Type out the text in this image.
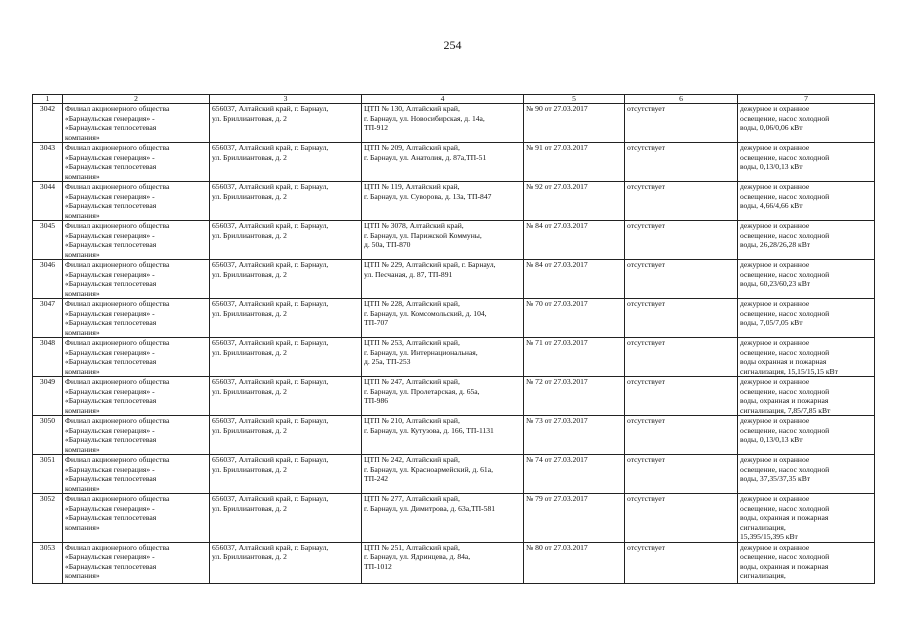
254
1	2	3	4	5	6	7
3042	Филиал акционерного общества
«Барнаульская генерация» -
«Барнаульская теплосетевая
компания»	656037, Алтайский край, г. Барнаул,
ул. Бриллиантовая, д. 2	ЦТП № 130, Алтайский край,
г. Барнаул, ул. Новосибирская, д. 14а,
ТП-912	№ 90 от 27.03.2017	отсутствует	дежурное и охранное
освещение, насос холодной
воды, 0,06/0,06 кВт

3043	Филиал акционерного общества
«Барнаульская генерация» -
«Барнаульская теплосетевая
компания»	656037, Алтайский край, г. Барнаул,
ул. Бриллиантовая, д. 2	ЦТП № 209, Алтайский край,
г. Барнаул, ул. Анатолия, д. 87а,ТП-51	№ 91 от 27.03.2017	отсутствует	дежурное и охранное
освещение, насос холодной
воды, 0,13/0,13 кВт

3044	Филиал акционерного общества
«Барнаульская генерация» -
«Барнаульская теплосетевая
компания»	656037, Алтайский край, г. Барнаул,
ул. Бриллиантовая, д. 2	ЦТП № 119, Алтайский край,
г. Барнаул, ул. Суворова, д. 13а, ТП-847	№ 92 от 27.03.2017	отсутствует	дежурное и охранное
освещение, насос холодной
воды, 4,66/4,66 кВт

3045	Филиал акционерного общества
«Барнаульская генерация» -
«Барнаульская теплосетевая
компания»	656037, Алтайский край, г. Барнаул,
ул. Бриллиантовая, д. 2	ЦТП № 3078, Алтайский край,
г. Барнаул, ул. Парижской Коммуны,
д. 50а, ТП-870	№ 84 от 27.03.2017	отсутствует	дежурное и охранное
освещение, насос холодной
воды, 26,28/26,28 кВт

3046	Филиал акционерного общества
«Барнаульская генерация» -
«Барнаульская теплосетевая
компания»	656037, Алтайский край, г. Барнаул,
ул. Бриллиантовая, д. 2	ЦТП № 229, Алтайский край, г. Барнаул,
ул. Песчаная, д. 87, ТП-891	№ 84 от 27.03.2017	отсутствует	дежурное и охранное
освещение, насос холодной
воды, 60,23/60,23 кВт

3047	Филиал акционерного общества
«Барнаульская генерация» -
«Барнаульская теплосетевая
компания»	656037, Алтайский край, г. Барнаул,
ул. Бриллиантовая, д. 2	ЦТП № 228, Алтайский край,
г. Барнаул, ул. Комсомольский, д. 104,
ТП-707	№ 70 от 27.03.2017	отсутствует	дежурное и охранное
освещение, насос холодной
воды, 7,05/7,05 кВт

3048	Филиал акционерного общества
«Барнаульская генерация» -
«Барнаульская теплосетевая
компания»	656037, Алтайский край, г. Барнаул,
ул. Бриллиантовая, д. 2	ЦТП № 253, Алтайский край,
г. Барнаул, ул. Интернациональная,
д. 25а, ТП-253	№ 71 от 27.03.2017	отсутствует	дежурное и охранное
освещение, насос холодной
воды охранная и пожарная
сигнализация, 15,15/15,15 кВт

3049	Филиал акционерного общества
«Барнаульская генерация» -
«Барнаульская теплосетевая
компания»	656037, Алтайский край, г. Барнаул,
ул. Бриллиантовая, д. 2	ЦТП № 247, Алтайский край,
г. Барнаул, ул. Пролетарская, д. 65а,
ТП-986	№ 72 от 27.03.2017	отсутствует	дежурное и охранное
освещение, насос холодной
воды, охранная и пожарная
сигнализация, 7,85/7,85 кВт

3050	Филиал акционерного общества
«Барнаульская генерация» -
«Барнаульская теплосетевая
компания»	656037, Алтайский край, г. Барнаул,
ул. Бриллиантовая, д. 2	ЦТП № 210, Алтайский край,
г. Барнаул, ул. Кутузова, д. 166, ТП-1131	№ 73 от 27.03.2017	отсутствует	дежурное и охранное
освещение, насос холодной
воды, 0,13/0,13 кВт

3051	Филиал акционерного общества
«Барнаульская генерация» -
«Барнаульская теплосетевая
компания»	656037, Алтайский край, г. Барнаул,
ул. Бриллиантовая, д. 2	ЦТП № 242, Алтайский край,
г. Барнаул, ул. Красноармейский, д. 61а,
ТП-242	№ 74 от 27.03.2017	отсутствует	дежурное и охранное
освещение, насос холодной
воды, 37,35/37,35 кВт

3052	Филиал акционерного общества
«Барнаульская генерация» -
«Барнаульская теплосетевая
компания»	656037, Алтайский край, г. Барнаул,
ул. Бриллиантовая, д. 2	ЦТП № 277, Алтайский край,
г. Барнаул, ул. Димитрова, д. 63а,ТП-581	№ 79 от 27.03.2017	отсутствует	дежурное и охранное
освещение, насос холодной
воды, охранная и пожарная
сигнализация,
15,395/15,395 кВт

3053	Филиал акционерного общества
«Барнаульская генерация» -
«Барнаульская теплосетевая
компания»	656037, Алтайский край, г. Барнаул,
ул. Бриллиантовая, д. 2	ЦТП № 251, Алтайский край,
г. Барнаул, ул. Ядринцева, д. 84а,
ТП-1012	№ 80 от 27.03.2017	отсутствует	дежурное и охранное
освещение, насос холодной
воды, охранная и пожарная
сигнализация,
